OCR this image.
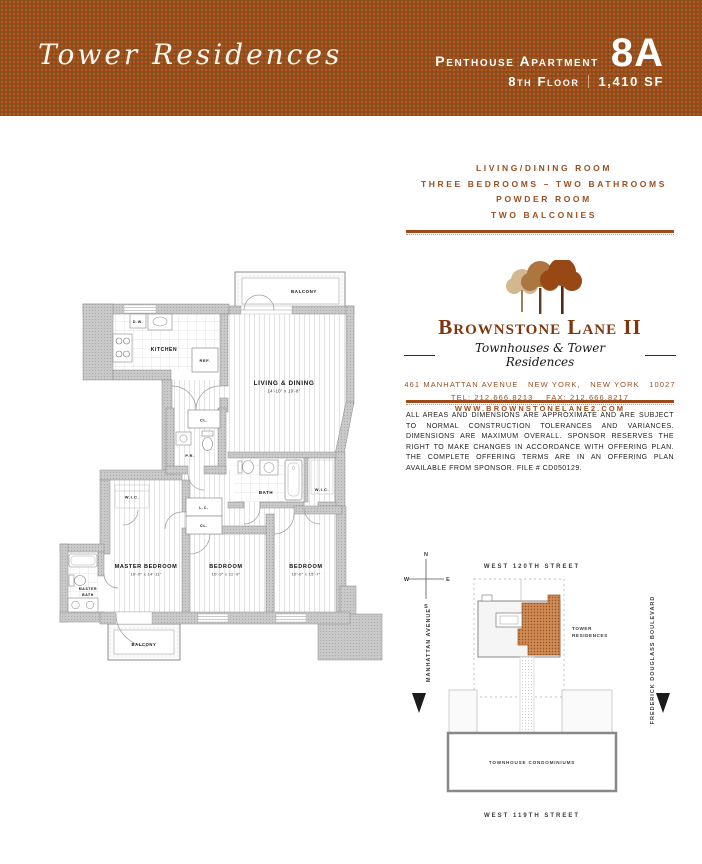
Tower Residences	Penthouse Apartment 8A
8th Floor 1,410 SF
LIVING/DINING ROOM
THREE BEDROOMS – TWO BATHROOMS
POWDER ROOM
TWO BALCONIES
Brownstone Lane II
Townhouses & Tower Residences
461 MANHATTAN AVENUE   NEW YORK,   NEW YORK   10027
TEL: 212.666.8213    FAX: 212.666.8217
WWW.BROWNSTONELANE2.COM
ALL AREAS AND DIMENSIONS ARE APPROXIMATE AND ARE SUBJECT TO NORMAL CONSTRUCTION TOLERANCES AND VARIANCES. DIMENSIONS ARE MAXIMUM OVERALL. SPONSOR RESERVES THE RIGHT TO MAKE CHANGES IN ACCORDANCE WITH OFFERING PLAN. THE COMPLETE OFFERING TERMS ARE IN AN OFFERING PLAN AVAILABLE FROM SPONSOR. FILE # CD050129.
BALCONY
D.W.
KITCHEN
REF.
LIVING & DINING
14'-10" x 19'-8"
CL.
P.R.
BATH
W.I.C.
W.I.C.
L.C.
CL.
MASTER BEDROOM
10'-0" x 14'-11"
BEDROOM
10'-9" x 11'-9"
BEDROOM
10'-0" x 15'-7"
MASTER
BATH
BALCONY
N
S
W	E
WEST 120TH STREET
WEST 119TH STREET
MANHATTAN AVENUE	FREDERICK DOUGLASS BOULEVARD
TOWER
RESIDENCES
TOWNHOUSE CONDOMINIUMS
